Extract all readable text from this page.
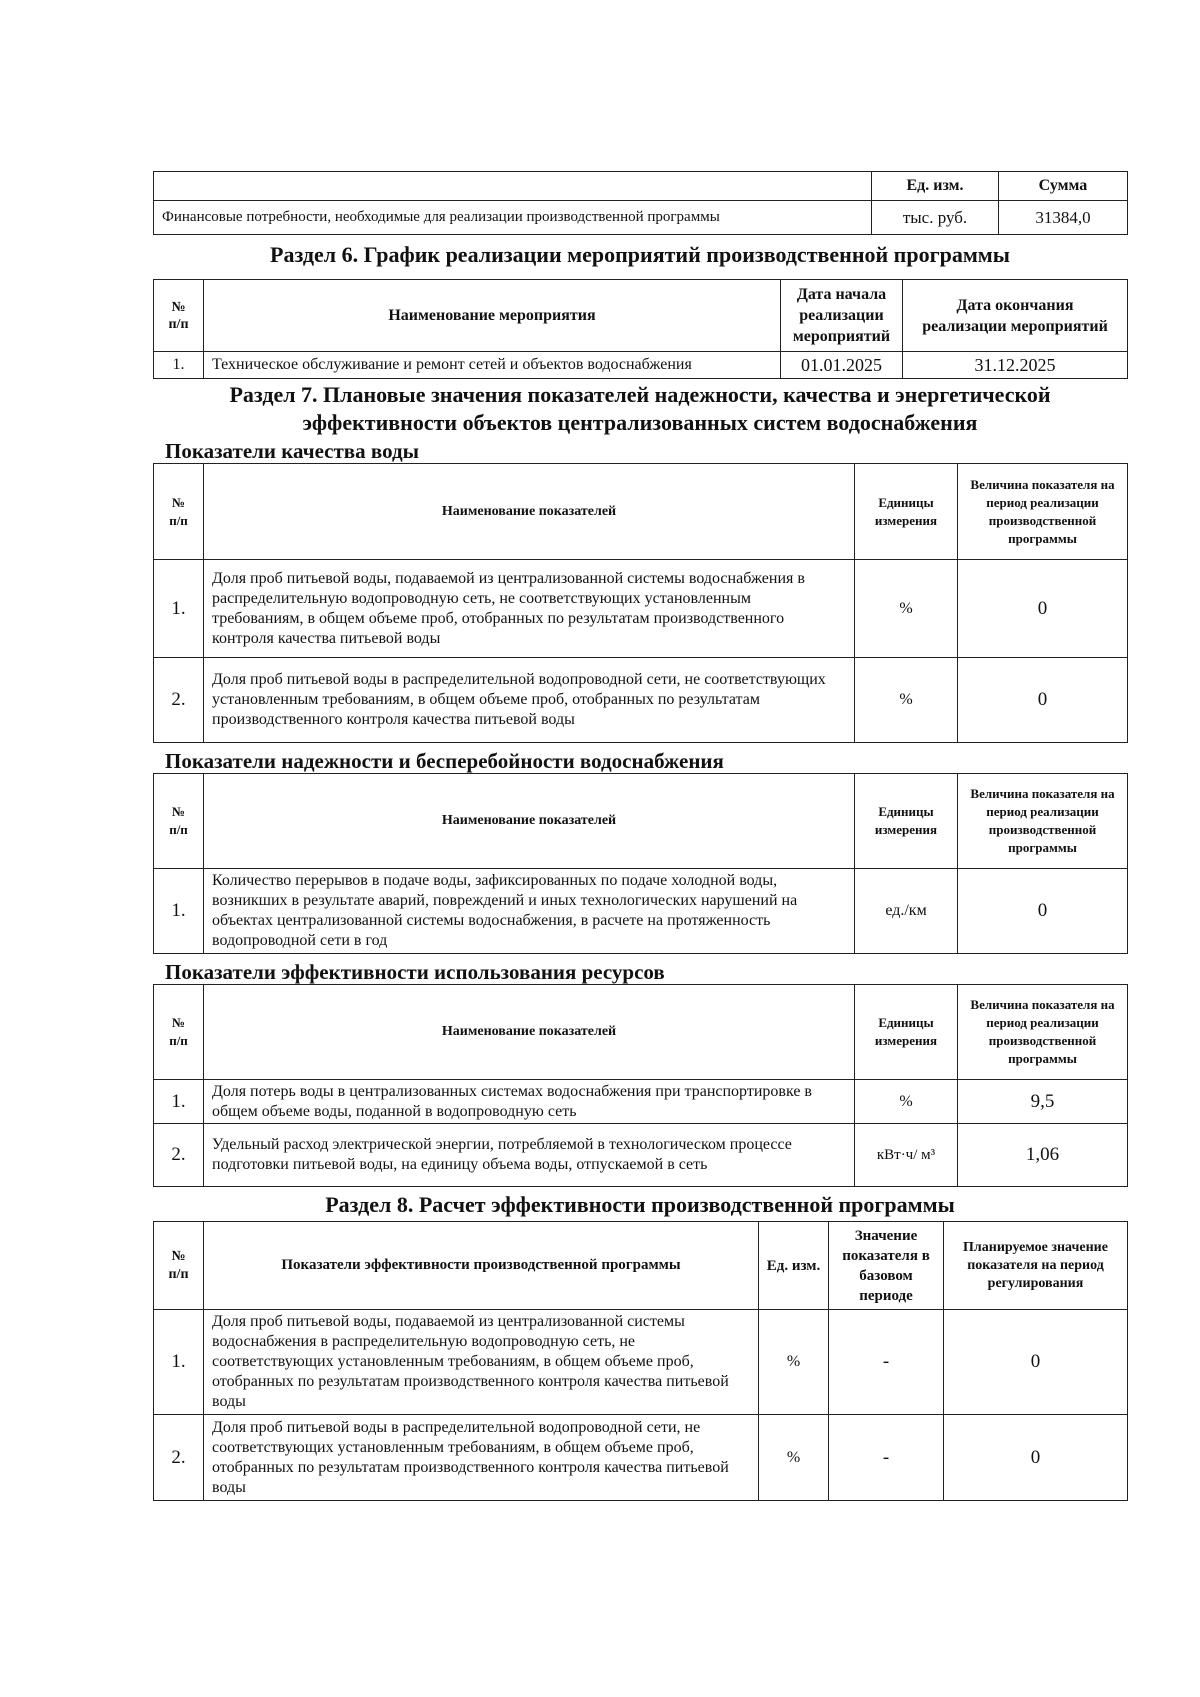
	Ед. изм.	Сумма
Финансовые потребности, необходимые для реализации производственной программы	тыс. руб.	31384,0
Раздел 6. График реализации мероприятий производственной программы
№
п/п	Наименование мероприятия	Дата начала реализации мероприятий	Дата окончания реализации мероприятий
1.	Техническое обслуживание и ремонт сетей и объектов водоснабжения	01.01.2025	31.12.2025
Раздел 7. Плановые значения показателей надежности, качества и энергетической
эффективности объектов централизованных систем водоснабжения
Показатели качества воды
№
п/п	Наименование показателей	Единицы измерения	Величина показателя на период реализации производственной программы
1.	Доля проб питьевой воды, подаваемой из централизованной системы водоснабжения в распределительную водопроводную сеть, не соответствующих установленным требованиям, в общем объеме проб, отобранных по результатам производственного контроля качества питьевой воды	%	0
2.	Доля проб питьевой воды в распределительной водопроводной сети, не соответствующих установленным требованиям, в общем объеме проб, отобранных по результатам производственного контроля качества питьевой воды	%	0
Показатели надежности и бесперебойности водоснабжения
№
п/п	Наименование показателей	Единицы измерения	Величина показателя на период реализации производственной программы
1.	Количество перерывов в подаче воды, зафиксированных по подаче холодной воды, возникших в результате аварий, повреждений и иных технологических нарушений на объектах централизованной системы водоснабжения, в расчете на протяженность водопроводной сети в год	ед./км	0
Показатели эффективности использования ресурсов
№
п/п	Наименование показателей	Единицы измерения	Величина показателя на период реализации производственной программы
1.	Доля потерь воды в централизованных системах водоснабжения при транспортировке в общем объеме воды, поданной в водопроводную сеть	%	9,5
2.	Удельный расход электрической энергии, потребляемой в технологическом процессе подготовки питьевой воды, на единицу объема воды, отпускаемой в сеть	кВт·ч/ м³	1,06
Раздел 8. Расчет эффективности производственной программы
№
п/п	Показатели эффективности производственной программы	Ед. изм.	Значение показателя в базовом периоде	Планируемое значение показателя на период регулирования
1.	Доля проб питьевой воды, подаваемой из централизованной системы водоснабжения в распределительную водопроводную сеть, не соответствующих установленным требованиям, в общем объеме проб, отобранных по результатам производственного контроля качества питьевой воды	%	-	0
2.	Доля проб питьевой воды в распределительной водопроводной сети, не соответствующих установленным требованиям, в общем объеме проб, отобранных по результатам производственного контроля качества питьевой воды	%	-	0
